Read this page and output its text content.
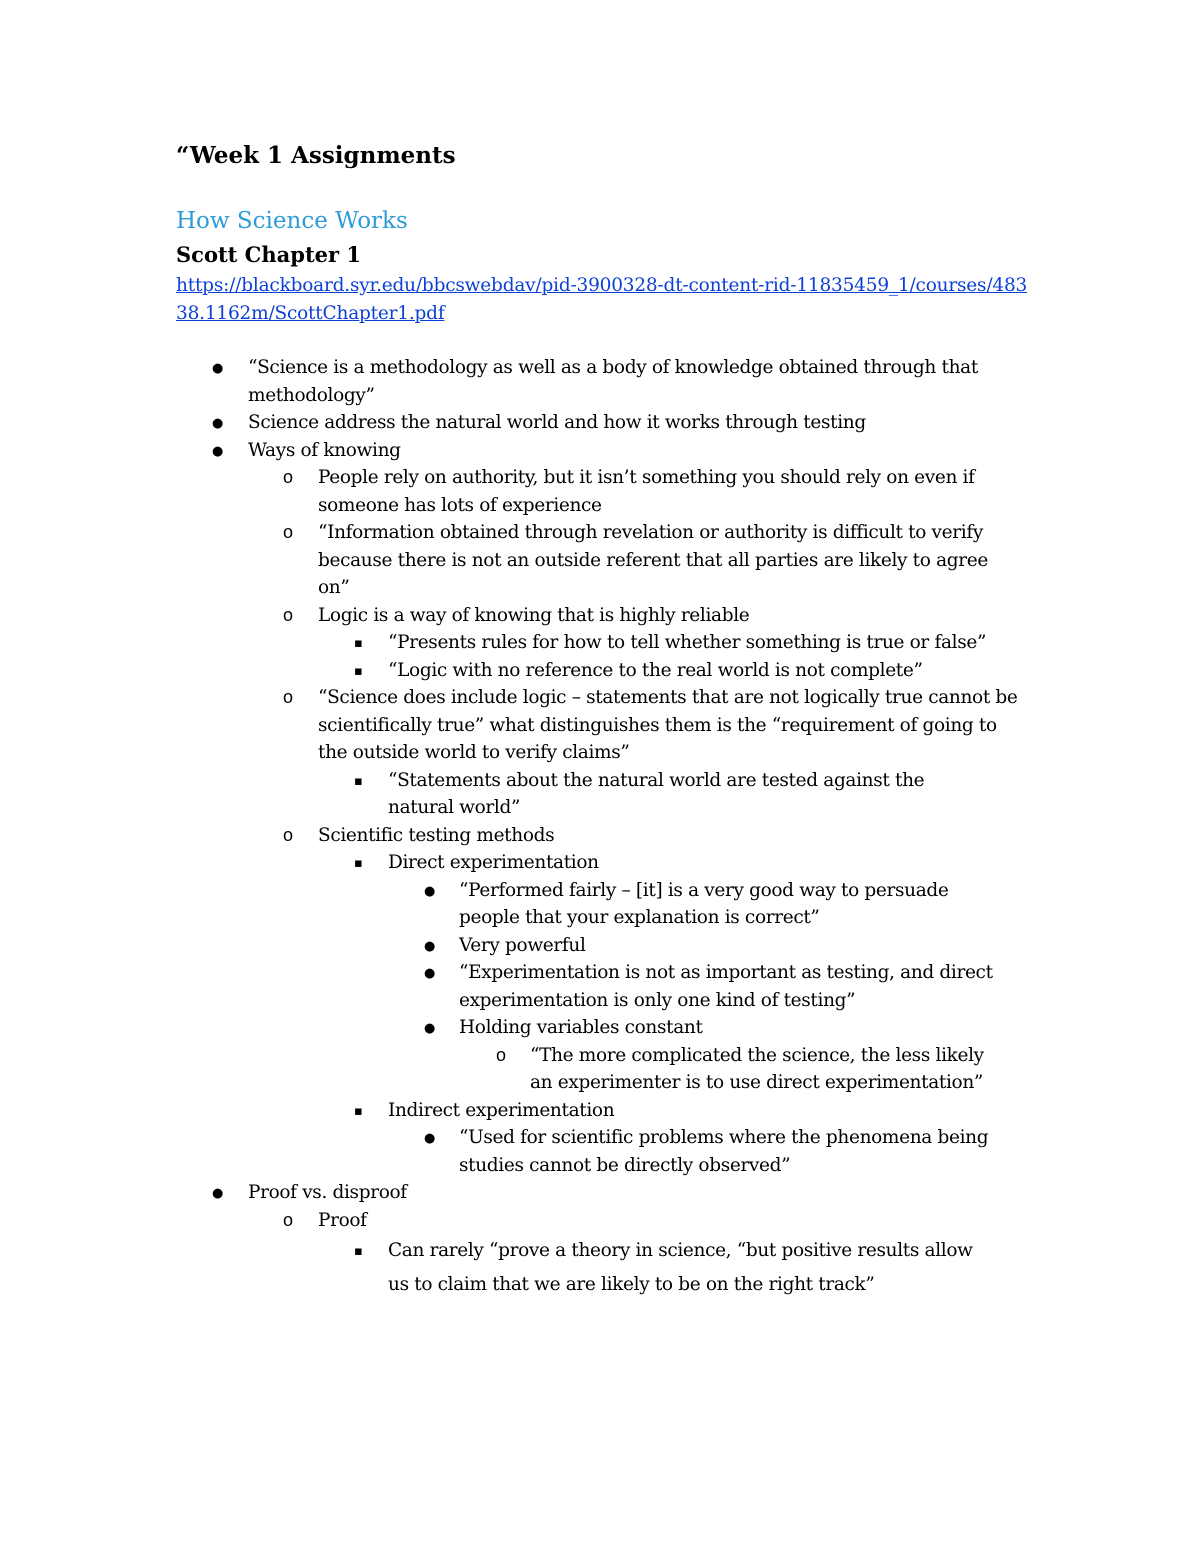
“Week 1 Assignments
How Science Works
Scott Chapter 1
https://blackboard.syr.edu/bbcswebdav/pid-3900328-dt-content-rid-11835459_1/courses/48338.1162m/ScottChapter1.pdf
●
“Science is a methodology as well as a body of knowledge obtained through that methodology”
●
Science address the natural world and how it works through testing
●
Ways of knowing
o
People rely on authority, but it isn’t something you should rely on even if someone has lots of experience
o
“Information obtained through revelation or authority is difficult to verify because there is not an outside referent that all parties are likely to agree on”
o
Logic is a way of knowing that is highly reliable
▪
“Presents rules for how to tell whether something is true or false”
▪
“Logic with no reference to the real world is not complete”
o
“Science does include logic – statements that are not logically true cannot be scientifically true” what distinguishes them is the “requirement of going to the outside world to verify claims”
▪
“Statements about the natural world are tested against the natural world”
o
Scientific testing methods
▪
Direct experimentation
●
“Performed fairly – [it] is a very good way to persuade people that your explanation is correct”
●
Very powerful
●
“Experimentation is not as important as testing, and direct experimentation is only one kind of testing”
●
Holding variables constant
o
“The more complicated the science, the less likely an experimenter is to use direct experimentation”
▪
Indirect experimentation
●
“Used for scientific problems where the phenomena being studies cannot be directly observed”
●
Proof vs. disproof
o
Proof
▪
Can rarely “prove a theory in science, “but positive results allow us to claim that we are likely to be on the right track”
